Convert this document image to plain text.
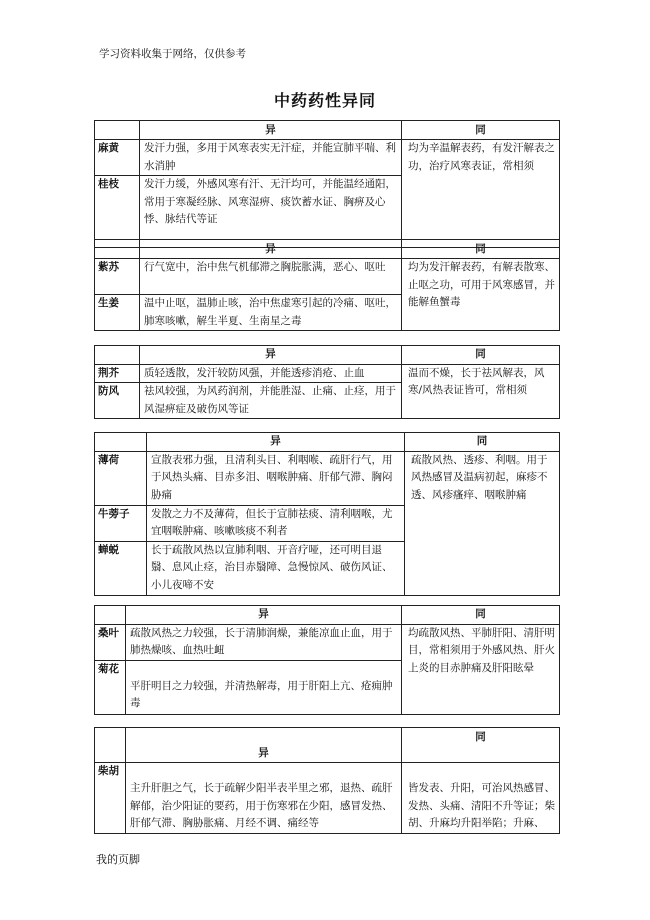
学习资料收集于网络，仅供参考
中药药性异同
	异	同
麻黄	发汗力强，多用于风寒表实无汗症，并能宣肺平喘、利水消肿	均为辛温解表药，有发汗解表之功，治疗风寒表证，常相须
桂枝	发汗力缓，外感风寒有汗、无汗均可，并能温经通阳，常用于寒凝经脉、风寒湿痹、痰饮蓄水证、胸痹及心悸、脉结代等证	
	异	同
紫苏	行气宽中，治中焦气机郁滞之胸脘胀满，恶心、呕吐	均为发汗解表药，有解表散寒、止呕之功，可用于风寒感冒，并能解鱼蟹毒
生姜	温中止呕，温肺止咳，治中焦虚寒引起的冷痛、呕吐，肺寒咳嗽，解生半夏、生南星之毒	
	异	同
荆芥	质轻透散，发汗较防风强，并能透疹消疮、止血	温而不燥，长于祛风解表，风寒/风热表证皆可，常相须
防风	祛风较强，为风药润剂，并能胜湿、止痛、止痉，用于风湿痹症及破伤风等证	
	异	同
薄荷	宣散表邪力强，且清利头目、利咽喉、疏肝行气，用于风热头痛、目赤多泪、咽喉肿痛、肝郁气滞、胸闷胁痛	疏散风热、透疹、利咽。用于风热感冒及温病初起，麻疹不透、风疹瘙痒、咽喉肿痛
牛蒡子	发散之力不及薄荷，但长于宣肺祛痰、清利咽喉，尤宜咽喉肿痛、咳嗽咳痰不利者	
蝉蜕	长于疏散风热以宣肺利咽、开音疗哑，还可明目退翳、息风止痉，治目赤翳障、急慢惊风、破伤风证、小儿夜啼不安	
	异	同
桑叶	疏散风热之力较强，长于清肺润燥，兼能凉血止血，用于肺热燥咳、血热吐衄	均疏散风热、平肺肝阳、清肝明目，常相须用于外感风热、肝火上炎的目赤肿痛及肝阳眩晕
菊花	平肝明目之力较强，并清热解毒，用于肝阳上亢、疮痈肿毒	
	异	同
柴胡	主升肝胆之气，长于疏解少阳半表半里之邪，退热、疏肝解郁，治少阳证的要药，用于伤寒邪在少阳，感冒发热、肝郁气滞、胸胁胀痛、月经不调、痛经等	皆发表、升阳，可治风热感冒、发热、头痛、清阳不升等证；柴胡、升麻均升阳举陷；升麻、
我的页脚
